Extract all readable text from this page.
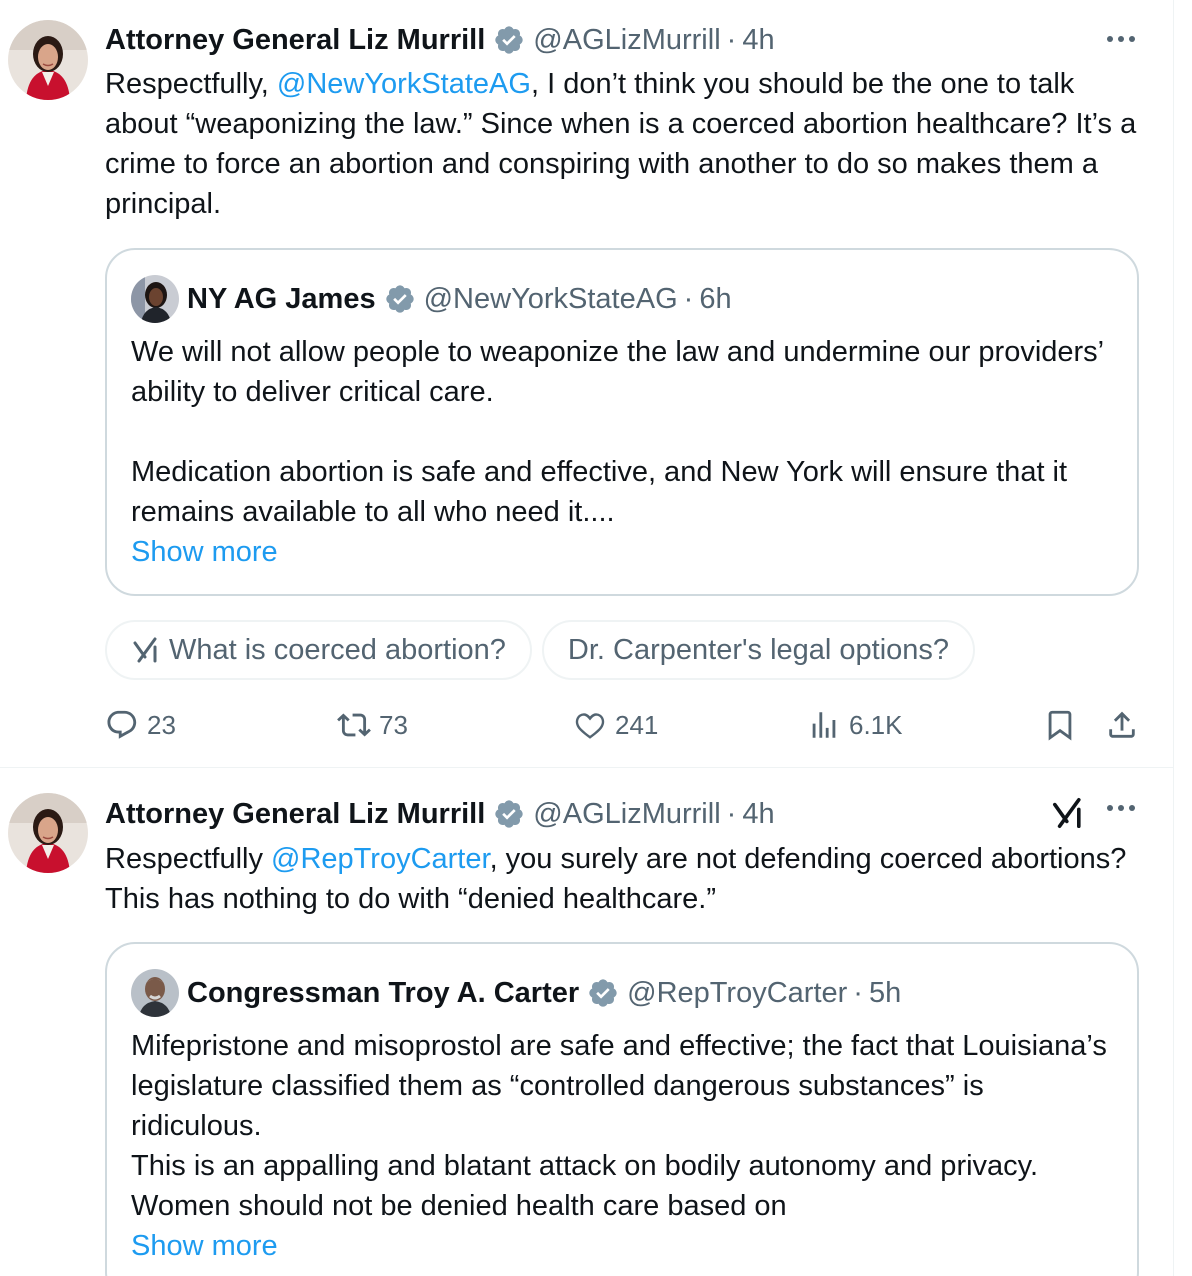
Attorney General Liz Murrill @AGLizMurrill · 4h
Respectfully, @NewYorkStateAG, I don’t think you should be the one to talk about “weaponizing the law.” Since when is a coerced abortion healthcare? It’s a crime to force an abortion and conspiring with another to do so makes them a principal.
NY AG James @NewYorkStateAG · 6h
We will not allow people to weaponize the law and undermine our providers’ ability to deliver critical care.
Medication abortion is safe and effective, and New York will ensure that it remains available to all who need it....
Show more
What is coerced abortion? Dr. Carpenter's legal options?
23	73	241	6.1K
Attorney General Liz Murrill @AGLizMurrill · 4h
Respectfully @RepTroyCarter, you surely are not defending coerced abortions? This has nothing to do with “denied healthcare.”
Congressman Troy A. Carter @RepTroyCarter · 5h
Mifepristone and misoprostol are safe and effective; the fact that Louisiana’s legislature classified them as “controlled dangerous substances” is ridiculous.
This is an appalling and blatant attack on bodily autonomy and privacy. Women should not be denied health care based on
Show more
